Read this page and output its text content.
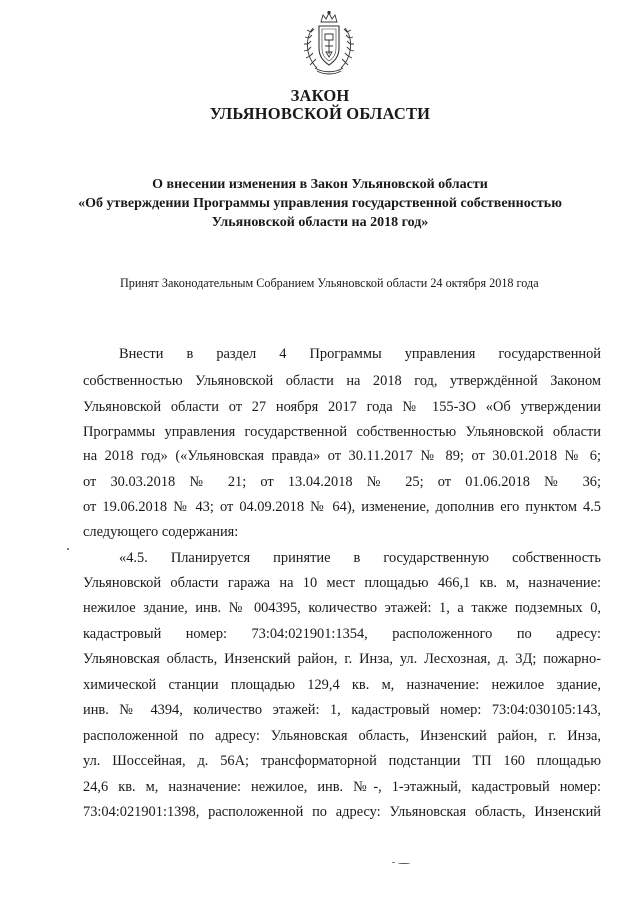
ЗАКОН
УЛЬЯНОВСКОЙ ОБЛАСТИ
О внесении изменения в Закон Ульяновской области
«Об утверждении Программы управления государственной собственностью
Ульяновской области на 2018 год»
Принят Законодательным Собранием Ульяновской области 24 октября 2018 года
Внести в раздел 4 Программы управления государственной
собственностью Ульяновской области на 2018 год, утверждённой Законом
Ульяновской области от 27 ноября 2017 года № 155-ЗО «Об утверждении
Программы управления государственной собственностью Ульяновской области
на 2018 год» («Ульяновская правда» от 30.11.2017 № 89; от 30.01.2018 № 6;
от 30.03.2018 № 21; от 13.04.2018 № 25; от 01.06.2018 № 36;
от 19.06.2018 № 43; от 04.09.2018 № 64), изменение, дополнив его пунктом 4.5
следующего содержания:
«4.5. Планируется принятие в государственную собственность
Ульяновской области гаража на 10 мест площадью 466,1 кв. м, назначение:
нежилое здание, инв. № 004395, количество этажей: 1, а также подземных 0,
кадастровый номер: 73:04:021901:1354, расположенного по адресу:
Ульяновская область, Инзенский район, г. Инза, ул. Лесхозная, д. 3Д; пожарно-
химической станции площадью 129,4 кв. м, назначение: нежилое здание,
инв. № 4394, количество этажей: 1, кадастровый номер: 73:04:030105:143,
расположенной по адресу: Ульяновская область, Инзенский район, г. Инза,
ул. Шоссейная, д. 56А; трансформаторной подстанции ТП 160 площадью
24,6 кв. м, назначение: нежилое, инв. №-, 1-этажный, кадастровый номер:
73:04:021901:1398, расположенной по адресу: Ульяновская область, Инзенский
